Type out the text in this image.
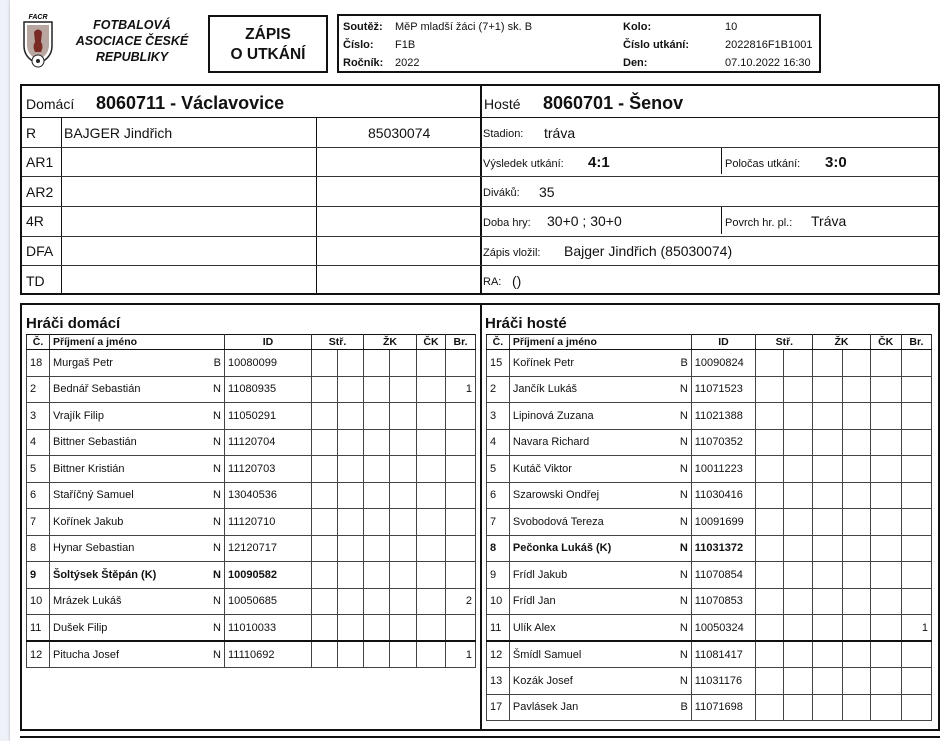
FACR
FOTBALOVÁ
ASOCIACE ČESKÉ
REPUBLIKY
ZÁPIS
O UTKÁNÍ
Soutěž: MěP mladší žáci (7+1) sk. B	Kolo:	10
Číslo: F1B	Číslo utkání:	2022816F1B1001
Ročník: 2022	Den:	07.10.2022 16:30
Domácí 8060711 - Václavovice	Hosté 8060701 - Šenov
R BAJGER Jindřich	85030074
AR1
AR2
4R
DFA
TD
Stadion: tráva
Výsledek utkání: 4:1	Poločas utkání: 3:0
Diváků: 35
Doba hry: 30+0 ; 30+0	Povrch hr. pl.: Tráva
Zápis vložil: Bajger Jindřich (85030074)
RA: ()
Hráči domácí	Hráči hosté
Č.	Příjmení a jméno		ID	Stř.		ŽK		ČK	Br.
18	Murgaš Petr	B	10080099						
2	Bednář Sebastián	N	11080935						1
3	Vrajík Filip	N	11050291						
4	Bittner Sebastián	N	11120704						
5	Bittner Kristián	N	11120703						
6	Staříčný Samuel	N	13040536						
7	Kořínek Jakub	N	11120710						
8	Hynar Sebastian	N	12120717						
9	Šoltýsek Štěpán (K)	N	10090582						
10	Mrázek Lukáš	N	10050685						2
11	Dušek Filip	N	11010033						
12	Pitucha Josef	N	11110692						1
Č.	Příjmení a jméno		ID	Stř.		ŽK		ČK	Br.
15	Kořínek Petr	B	10090824						
2	Jančík Lukáš	N	11071523						
3	Lipinová Zuzana	N	11021388						
4	Navara Richard	N	11070352						
5	Kutáč Viktor	N	10011223						
6	Szarowski Ondřej	N	11030416						
7	Svobodová Tereza	N	10091699						
8	Pečonka Lukáš (K)	N	11031372						
9	Frídl Jakub	N	11070854						
10	Frídl Jan	N	11070853						
11	Ulík Alex	N	10050324						1
12	Šmídl Samuel	N	11081417						
13	Kozák Josef	N	11031176						
17	Pavlásek Jan	B	11071698						
